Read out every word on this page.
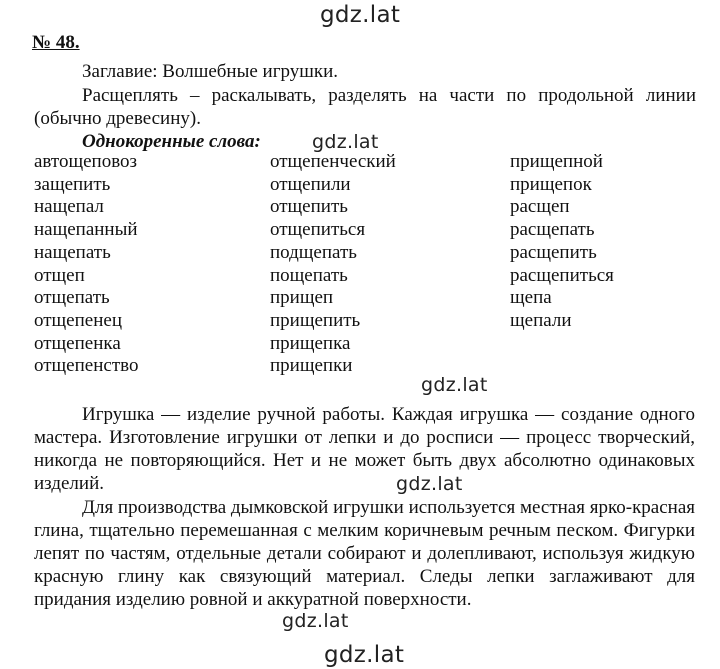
gdz.lat
gdz.lat
gdz.lat
gdz.lat
gdz.lat
gdz.lat
№ 48.
Заглавие: Волшебные игрушки.
Расщеплять – раскалывать, разделять на части по продольной линии
(обычно древесину).
Однокоренные слова:
автощеповоз
защепить
нащепал
нащепанный
нащепать
отщеп
отщепать
отщепенец
отщепенка
отщепенство
отщепенческий
отщепили
отщепить
отщепиться
подщепать
пощепать
прищеп
прищепить
прищепка
прищепки
прищепной
прищепок
расщеп
расщепать
расщепить
расщепиться
щепа
щепали
Игрушка — изделие ручной работы. Каждая игрушка — создание одного мастера. Изготовление игрушки от лепки и до росписи — процесс творческий, никогда не повторяющийся. Нет и не может быть двух абсолютно одинаковых изделий.
Для производства дымковской игрушки используется местная ярко-красная глина, тщательно перемешанная с мелким коричневым речным песком. Фигурки лепят по частям, отдельные детали собирают и долепливают, используя жидкую красную глину как связующий материал. Следы лепки заглаживают для придания изделию ровной и аккуратной поверхности.
